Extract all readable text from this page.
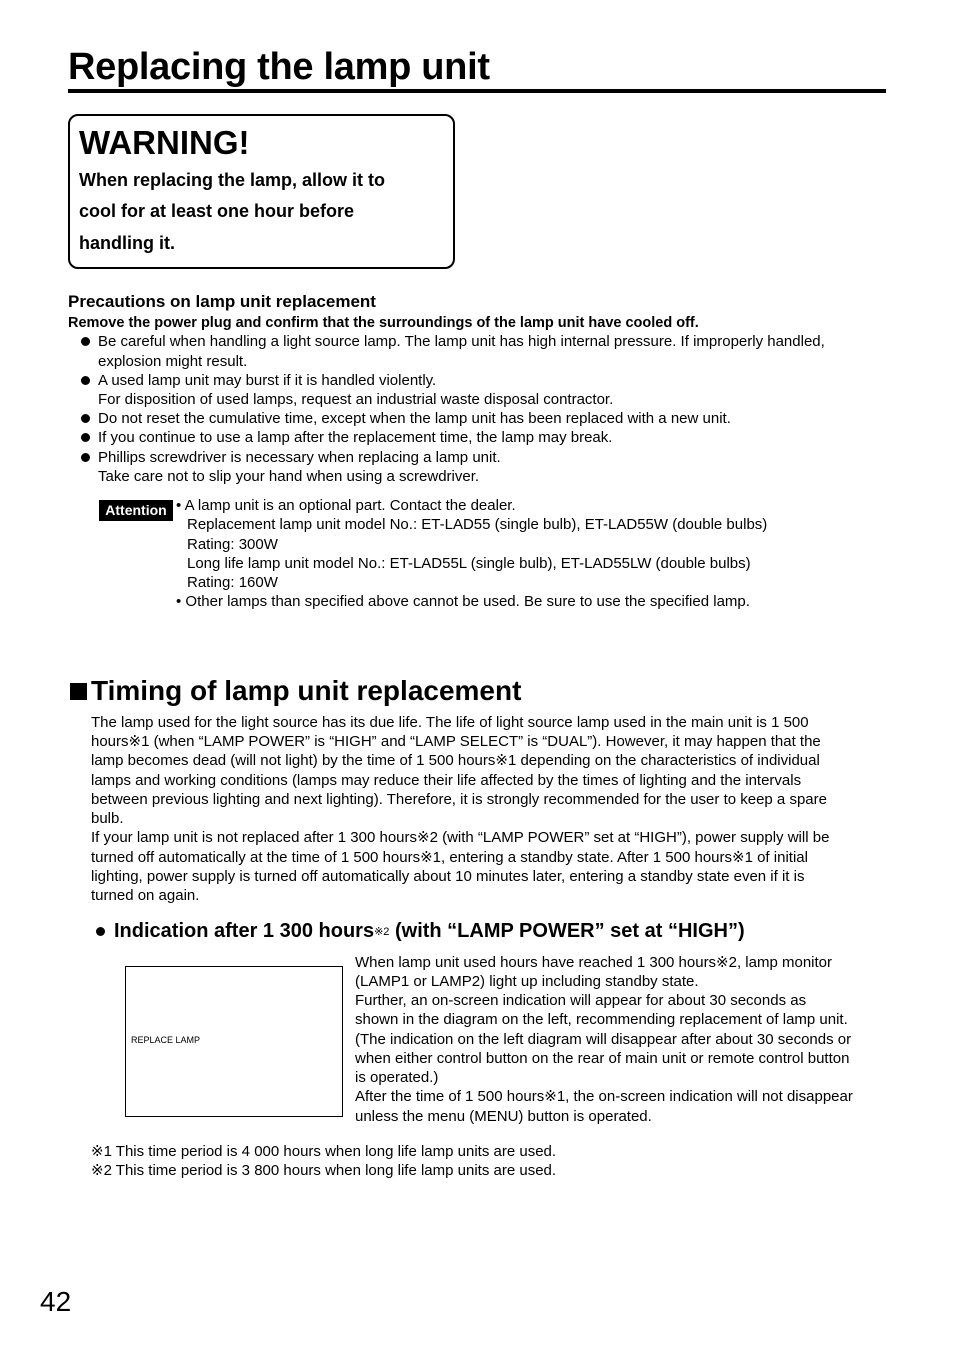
Replacing the lamp unit
WARNING!
When replacing the lamp, allow it to
cool for at least one hour before
handling it.
Precautions on lamp unit replacement
Remove the power plug and confirm that the surroundings of the lamp unit have cooled off.
Be careful when handling a light source lamp. The lamp unit has high internal pressure. If improperly handled,
explosion might result.
A used lamp unit may burst if it is handled violently.
For disposition of used lamps, request an industrial waste disposal contractor.
Do not reset the cumulative time, except when the lamp unit has been replaced with a new unit.
If you continue to use a lamp after the replacement time, the lamp may break.
Phillips screwdriver is necessary when replacing a lamp unit.
Take care not to slip your hand when using a screwdriver.
Attention • A lamp unit is an optional part. Contact the dealer.
Replacement lamp unit model No.: ET-LAD55 (single bulb), ET-LAD55W (double bulbs)
Rating: 300W
Long life lamp unit model No.: ET-LAD55L (single bulb), ET-LAD55LW (double bulbs)
Rating: 160W
• Other lamps than specified above cannot be used. Be sure to use the specified lamp.
Timing of lamp unit replacement
The lamp used for the light source has its due life. The life of light source lamp used in the main unit is 1 500
hours※1 (when “LAMP POWER” is “HIGH” and “LAMP SELECT” is “DUAL”). However, it may happen that the
lamp becomes dead (will not light) by the time of 1 500 hours※1 depending on the characteristics of individual
lamps and working conditions (lamps may reduce their life affected by the times of lighting and the intervals
between previous lighting and next lighting). Therefore, it is strongly recommended for the user to keep a spare
bulb.
If your lamp unit is not replaced after 1 300 hours※2 (with “LAMP POWER” set at “HIGH”), power supply will be
turned off automatically at the time of 1 500 hours※1, entering a standby state. After 1 500 hours※1 of initial
lighting, power supply is turned off automatically about 10 minutes later, entering a standby state even if it is
turned on again.
Indication after 1 300 hours※2 (with “LAMP POWER” set at “HIGH”)
REPLACE LAMP
When lamp unit used hours have reached 1 300 hours※2, lamp monitor
(LAMP1 or LAMP2) light up including standby state.
Further, an on-screen indication will appear for about 30 seconds as
shown in the diagram on the left, recommending replacement of lamp unit.
(The indication on the left diagram will disappear after about 30 seconds or
when either control button on the rear of main unit or remote control button
is operated.)
After the time of 1 500 hours※1, the on-screen indication will not disappear
unless the menu (MENU) button is operated.
※1 This time period is 4 000 hours when long life lamp units are used.
※2 This time period is 3 800 hours when long life lamp units are used.
42
